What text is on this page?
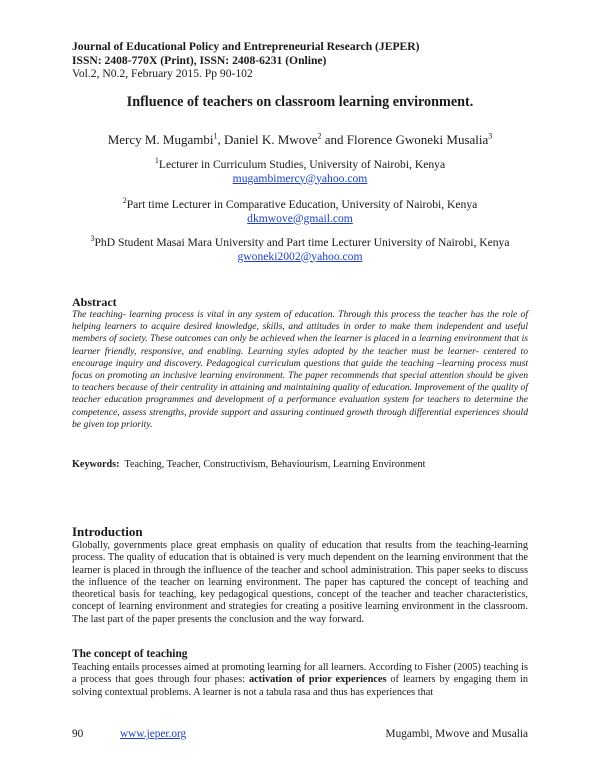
Journal of Educational Policy and Entrepreneurial Research (JEPER)
ISSN: 2408-770X (Print), ISSN: 2408-6231 (Online)
Vol.2, N0.2, February 2015. Pp 90-102
Influence of teachers on classroom learning environment.
Mercy M. Mugambi$^1$, Daniel K. Mwove$^2$ and Florence Gwoneki Musalia$^3$
$^1$Lecturer in Curriculum Studies, University of Nairobi, Kenya
mugambimercy@yahoo.com
$^2$Part time Lecturer in Comparative Education, University of Nairobi, Kenya
dkmwove@gmail.com
$^3$PhD Student Masai Mara University and Part time Lecturer University of Nairobi, Kenya
gwoneki2002@yahoo.com
Abstract
The teaching- learning process is vital in any system of education. Through this process the teacher has the role of helping learners to acquire desired knowledge, skills, and attitudes in order to make them independent and useful members of society. These outcomes can only be achieved when the learner is placed in a learning environment that is learner friendly, responsive, and enabling. Learning styles adopted by the teacher must be learner- centered to encourage inquiry and discovery. Pedagogical curriculum questions that guide the teaching –learning process must focus on promoting an inclusive learning environment. The paper recommends that special attention should be given to teachers because of their centrality in attaining and maintaining quality of education. Improvement of the quality of teacher education programmes and development of a performance evaluation system for teachers to determine the competence, assess strengths, provide support and assuring continued growth through differential experiences should be given top priority.
Keywords: Teaching, Teacher, Constructivism, Behaviourism, Learning Environment
Introduction
Globally, governments place great emphasis on quality of education that results from the teaching-learning process. The quality of education that is obtained is very much dependent on the learning environment that the learner is placed in through the influence of the teacher and school administration. This paper seeks to discuss the influence of the teacher on learning environment. The paper has captured the concept of teaching and theoretical basis for teaching, key pedagogical questions, concept of the teacher and teacher characteristics, concept of learning environment and strategies for creating a positive learning environment in the classroom. The last part of the paper presents the conclusion and the way forward.
The concept of teaching
Teaching entails processes aimed at promoting learning for all learners. According to Fisher (2005) teaching is a process that goes through four phases: activation of prior experiences of learners by engaging them in solving contextual problems. A learner is not a tabula rasa and thus has experiences that
90	www.jeper.org	Mugambi, Mwove and Musalia
